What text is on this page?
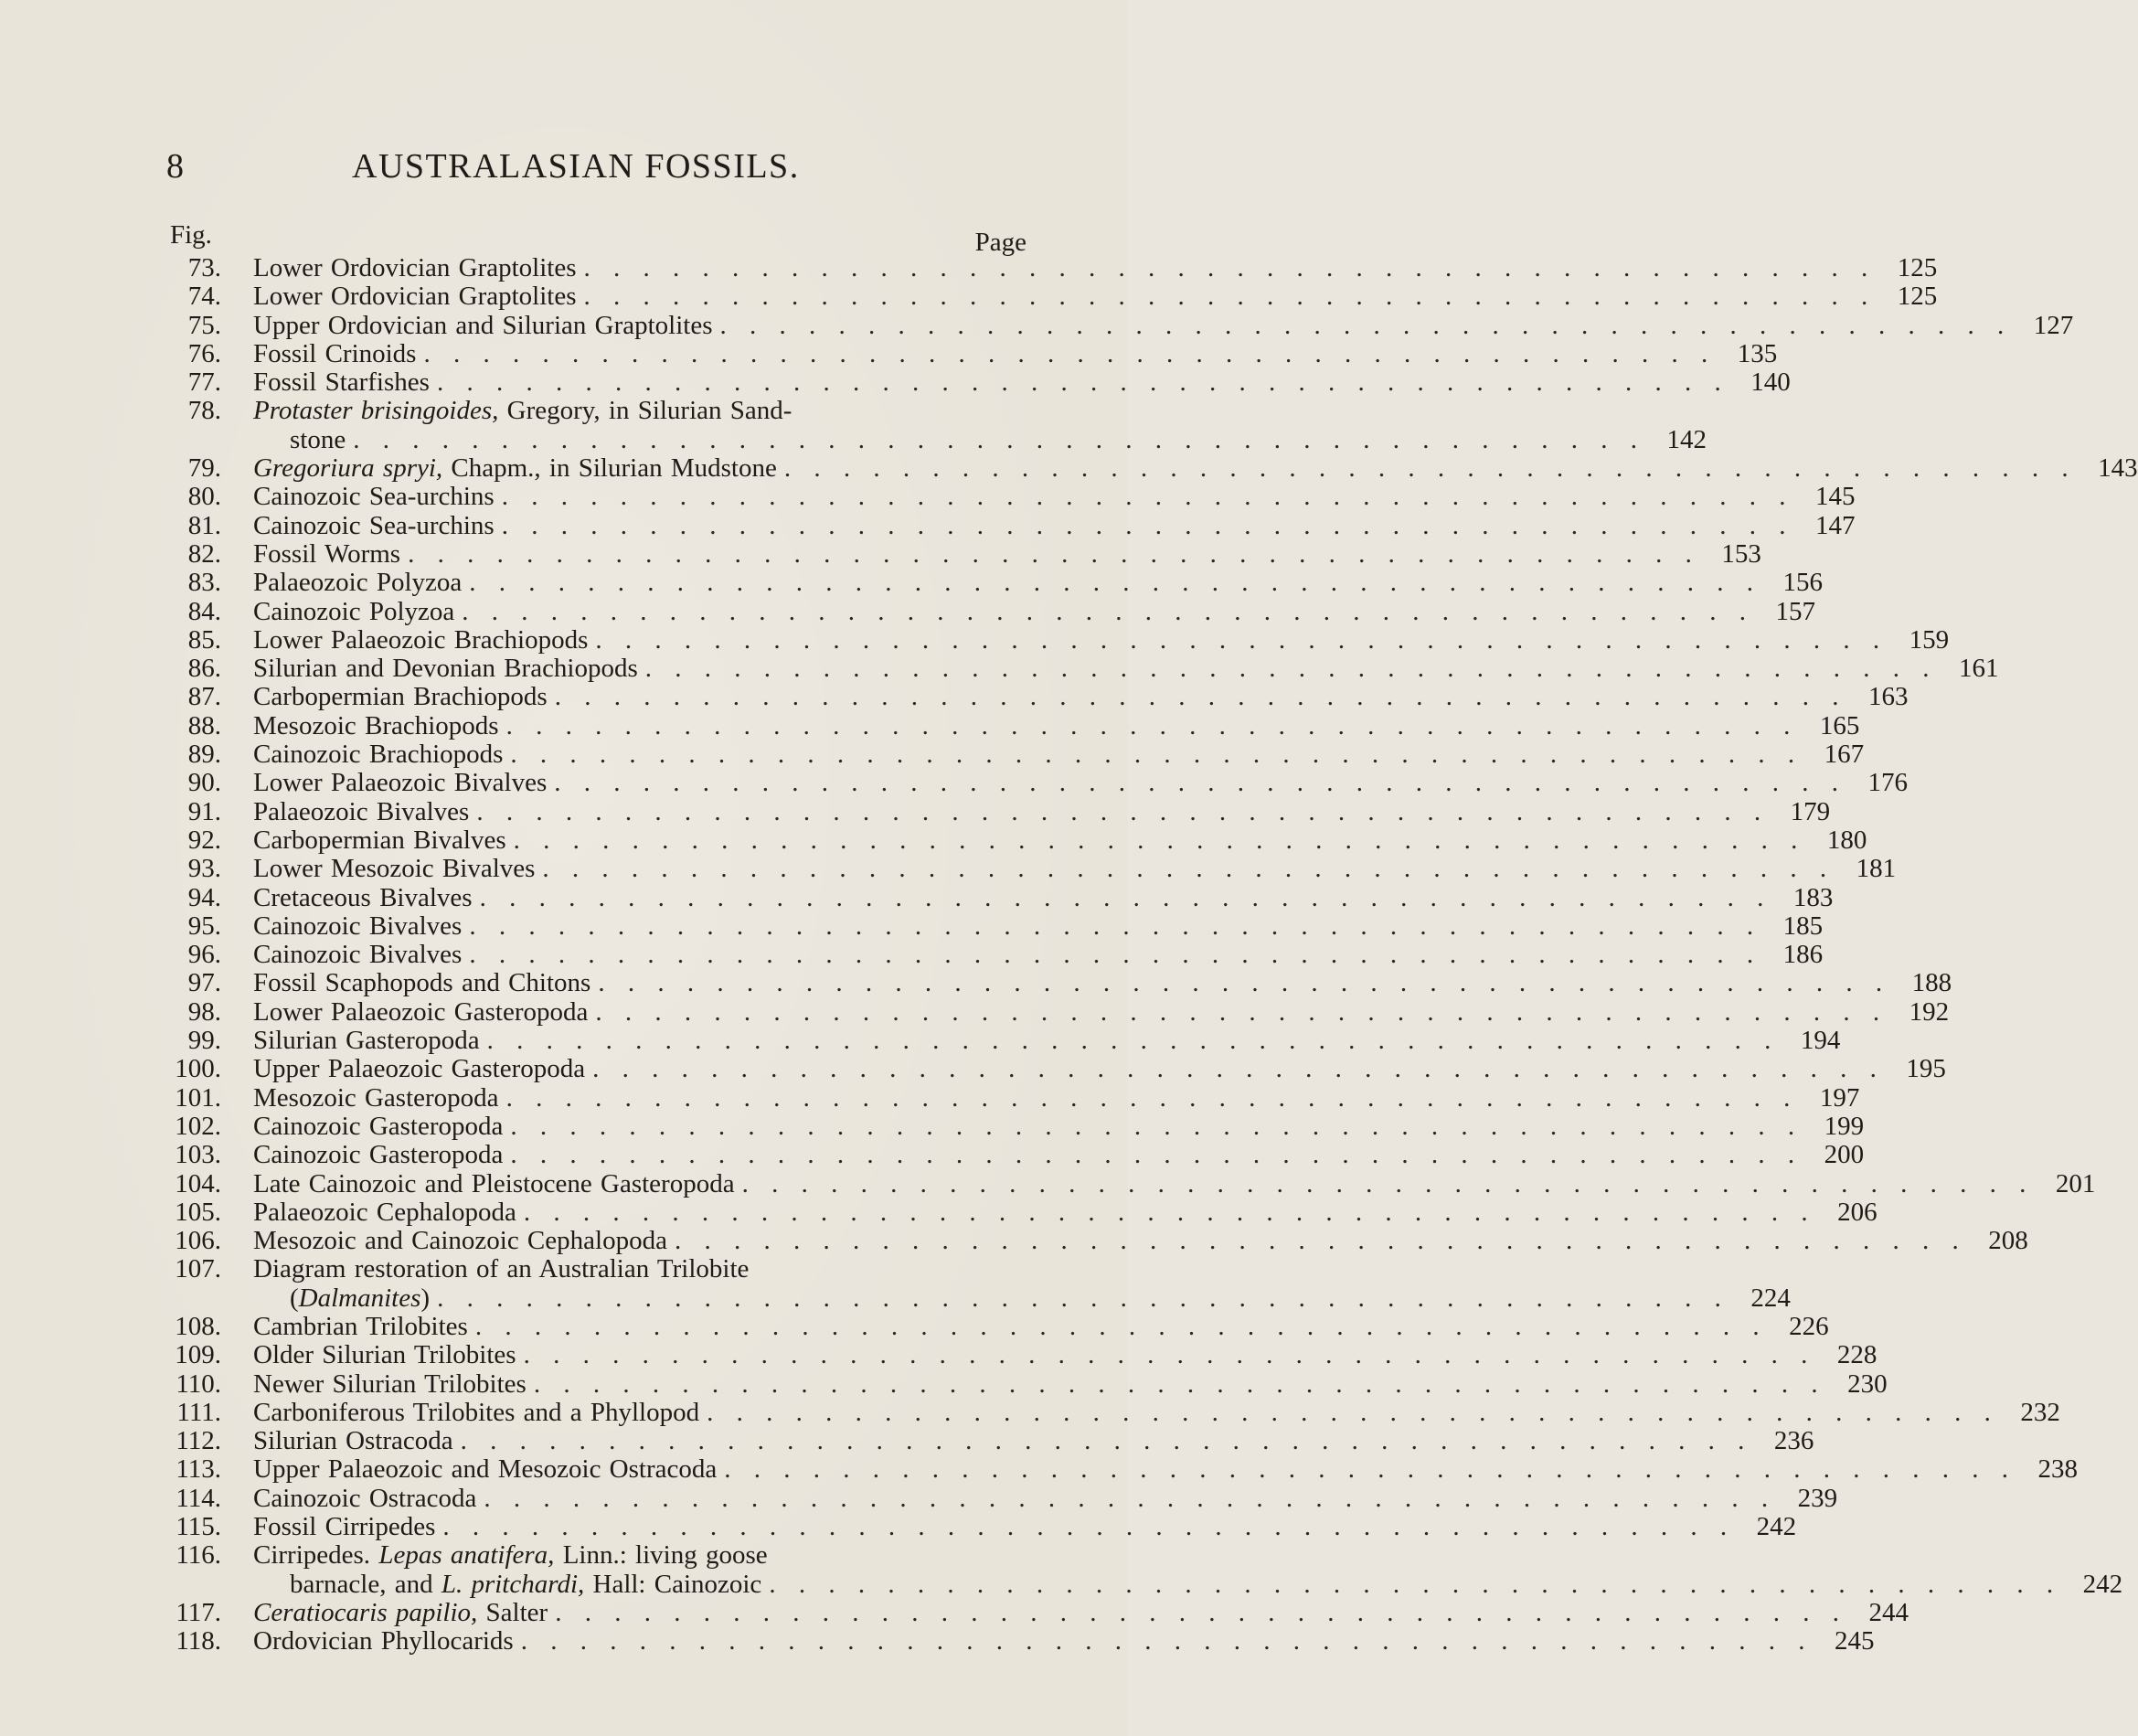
8	AUSTRALASIAN FOSSILS.
Fig.	Page
73. Lower Ordovician Graptolites . . . . . . . . . . . . . . . . . . . . . . . . . . . . . . . . . . . . . . . . . . . . 125
74. Lower Ordovician Graptolites . . . . . . . . . . . . . . . . . . . . . . . . . . . . . . . . . . . . . . . . . . . . 125
75. Upper Ordovician and Silurian Graptolites . . . . . . . . . . . . . . . . . . . . . . . . . . . . . . . . . . . . . . . . . . . . 127
76. Fossil Crinoids . . . . . . . . . . . . . . . . . . . . . . . . . . . . . . . . . . . . . . . . . . . . 135
77. Fossil Starfishes . . . . . . . . . . . . . . . . . . . . . . . . . . . . . . . . . . . . . . . . . . . . 140
78. Protaster brisingoides, Gregory, in Silurian Sand-
stone . . . . . . . . . . . . . . . . . . . . . . . . . . . . . . . . . . . . . . . . . . . . 142
79. Gregoriura spryi, Chapm., in Silurian Mudstone . . . . . . . . . . . . . . . . . . . . . . . . . . . . . . . . . . . . . . . . . . . . 143
80. Cainozoic Sea-urchins . . . . . . . . . . . . . . . . . . . . . . . . . . . . . . . . . . . . . . . . . . . . 145
81. Cainozoic Sea-urchins . . . . . . . . . . . . . . . . . . . . . . . . . . . . . . . . . . . . . . . . . . . . 147
82. Fossil Worms . . . . . . . . . . . . . . . . . . . . . . . . . . . . . . . . . . . . . . . . . . . . 153
83. Palaeozoic Polyzoa . . . . . . . . . . . . . . . . . . . . . . . . . . . . . . . . . . . . . . . . . . . . 156
84. Cainozoic Polyzoa . . . . . . . . . . . . . . . . . . . . . . . . . . . . . . . . . . . . . . . . . . . . 157
85. Lower Palaeozoic Brachiopods . . . . . . . . . . . . . . . . . . . . . . . . . . . . . . . . . . . . . . . . . . . . 159
86. Silurian and Devonian Brachiopods . . . . . . . . . . . . . . . . . . . . . . . . . . . . . . . . . . . . . . . . . . . . 161
87. Carbopermian Brachiopods . . . . . . . . . . . . . . . . . . . . . . . . . . . . . . . . . . . . . . . . . . . . 163
88. Mesozoic Brachiopods . . . . . . . . . . . . . . . . . . . . . . . . . . . . . . . . . . . . . . . . . . . . 165
89. Cainozoic Brachiopods . . . . . . . . . . . . . . . . . . . . . . . . . . . . . . . . . . . . . . . . . . . . 167
90. Lower Palaeozoic Bivalves . . . . . . . . . . . . . . . . . . . . . . . . . . . . . . . . . . . . . . . . . . . . 176
91. Palaeozoic Bivalves . . . . . . . . . . . . . . . . . . . . . . . . . . . . . . . . . . . . . . . . . . . . 179
92. Carbopermian Bivalves . . . . . . . . . . . . . . . . . . . . . . . . . . . . . . . . . . . . . . . . . . . . 180
93. Lower Mesozoic Bivalves . . . . . . . . . . . . . . . . . . . . . . . . . . . . . . . . . . . . . . . . . . . . 181
94. Cretaceous Bivalves . . . . . . . . . . . . . . . . . . . . . . . . . . . . . . . . . . . . . . . . . . . . 183
95. Cainozoic Bivalves . . . . . . . . . . . . . . . . . . . . . . . . . . . . . . . . . . . . . . . . . . . . 185
96. Cainozoic Bivalves . . . . . . . . . . . . . . . . . . . . . . . . . . . . . . . . . . . . . . . . . . . . 186
97. Fossil Scaphopods and Chitons . . . . . . . . . . . . . . . . . . . . . . . . . . . . . . . . . . . . . . . . . . . . 188
98. Lower Palaeozoic Gasteropoda . . . . . . . . . . . . . . . . . . . . . . . . . . . . . . . . . . . . . . . . . . . . 192
99. Silurian Gasteropoda . . . . . . . . . . . . . . . . . . . . . . . . . . . . . . . . . . . . . . . . . . . . 194
100. Upper Palaeozoic Gasteropoda . . . . . . . . . . . . . . . . . . . . . . . . . . . . . . . . . . . . . . . . . . . . 195
101. Mesozoic Gasteropoda . . . . . . . . . . . . . . . . . . . . . . . . . . . . . . . . . . . . . . . . . . . . 197
102. Cainozoic Gasteropoda . . . . . . . . . . . . . . . . . . . . . . . . . . . . . . . . . . . . . . . . . . . . 199
103. Cainozoic Gasteropoda . . . . . . . . . . . . . . . . . . . . . . . . . . . . . . . . . . . . . . . . . . . . 200
104. Late Cainozoic and Pleistocene Gasteropoda . . . . . . . . . . . . . . . . . . . . . . . . . . . . . . . . . . . . . . . . . . . . 201
105. Palaeozoic Cephalopoda . . . . . . . . . . . . . . . . . . . . . . . . . . . . . . . . . . . . . . . . . . . . 206
106. Mesozoic and Cainozoic Cephalopoda . . . . . . . . . . . . . . . . . . . . . . . . . . . . . . . . . . . . . . . . . . . . 208
107. Diagram restoration of an Australian Trilobite
(Dalmanites) . . . . . . . . . . . . . . . . . . . . . . . . . . . . . . . . . . . . . . . . . . . . 224
108. Cambrian Trilobites . . . . . . . . . . . . . . . . . . . . . . . . . . . . . . . . . . . . . . . . . . . . 226
109. Older Silurian Trilobites . . . . . . . . . . . . . . . . . . . . . . . . . . . . . . . . . . . . . . . . . . . . 228
110. Newer Silurian Trilobites . . . . . . . . . . . . . . . . . . . . . . . . . . . . . . . . . . . . . . . . . . . . 230
111. Carboniferous Trilobites and a Phyllopod . . . . . . . . . . . . . . . . . . . . . . . . . . . . . . . . . . . . . . . . . . . . 232
112. Silurian Ostracoda . . . . . . . . . . . . . . . . . . . . . . . . . . . . . . . . . . . . . . . . . . . . 236
113. Upper Palaeozoic and Mesozoic Ostracoda . . . . . . . . . . . . . . . . . . . . . . . . . . . . . . . . . . . . . . . . . . . . 238
114. Cainozoic Ostracoda . . . . . . . . . . . . . . . . . . . . . . . . . . . . . . . . . . . . . . . . . . . . 239
115. Fossil Cirripedes . . . . . . . . . . . . . . . . . . . . . . . . . . . . . . . . . . . . . . . . . . . . 242
116. Cirripedes. Lepas anatifera, Linn.: living goose
barnacle, and L. pritchardi, Hall: Cainozoic . . . . . . . . . . . . . . . . . . . . . . . . . . . . . . . . . . . . . . . . . . . . 242
117. Ceratiocaris papilio, Salter . . . . . . . . . . . . . . . . . . . . . . . . . . . . . . . . . . . . . . . . . . . . 244
118. Ordovician Phyllocarids . . . . . . . . . . . . . . . . . . . . . . . . . . . . . . . . . . . . . . . . . . . . 245
